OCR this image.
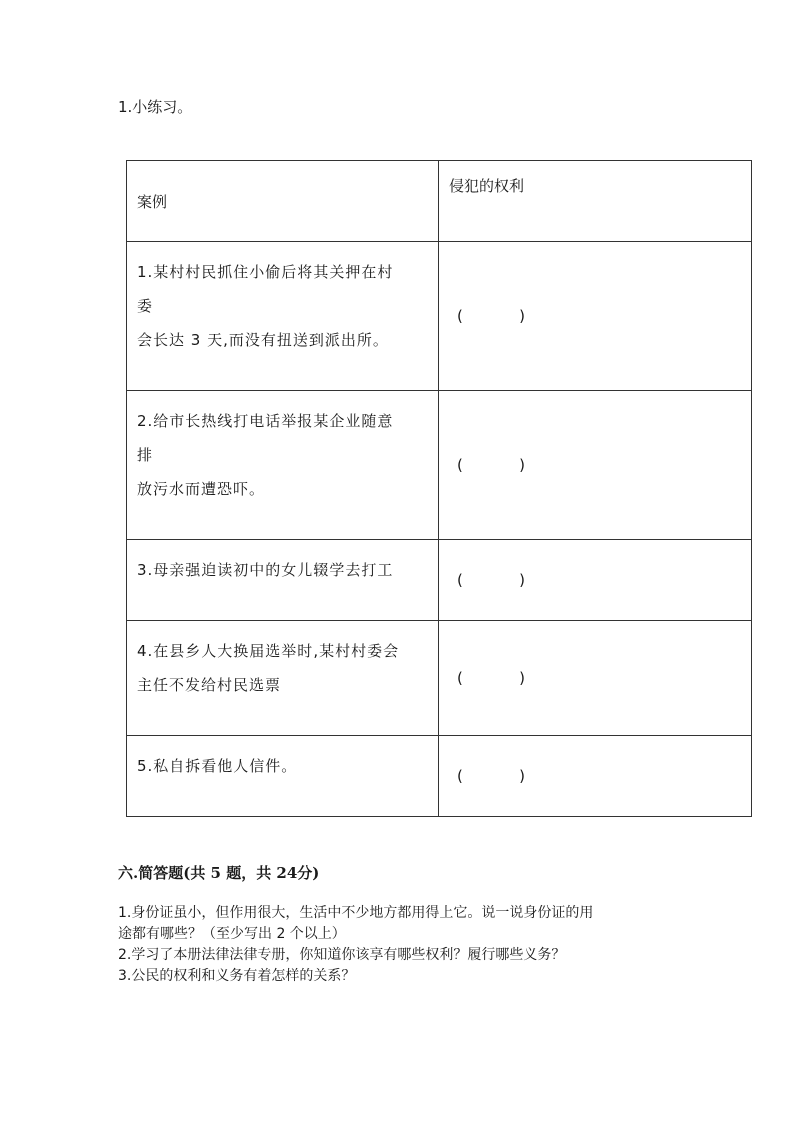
1.小练习。
案例	侵犯的权利

1.某村村民抓住小偷后将其关押在村
委
会长达 3 天,而没有扭送到派出所。	( )

2.给市长热线打电话举报某企业随意
排
放污水而遭恐吓。	( )

3.母亲强迫读初中的女儿辍学去打工	( )

4.在县乡人大换届选举时,某村村委会
主任不发给村民选票	( )

5.私自拆看他人信件。	( )
六.简答题(共 5 题，共 24分)
1.身份证虽小，但作用很大，生活中不少地方都用得上它。说一说身份证的用
途都有哪些？（至少写出 2 个以上）
2.学习了本册法律法律专册，你知道你该享有哪些权利？履行哪些义务？
3.公民的权利和义务有着怎样的关系？
